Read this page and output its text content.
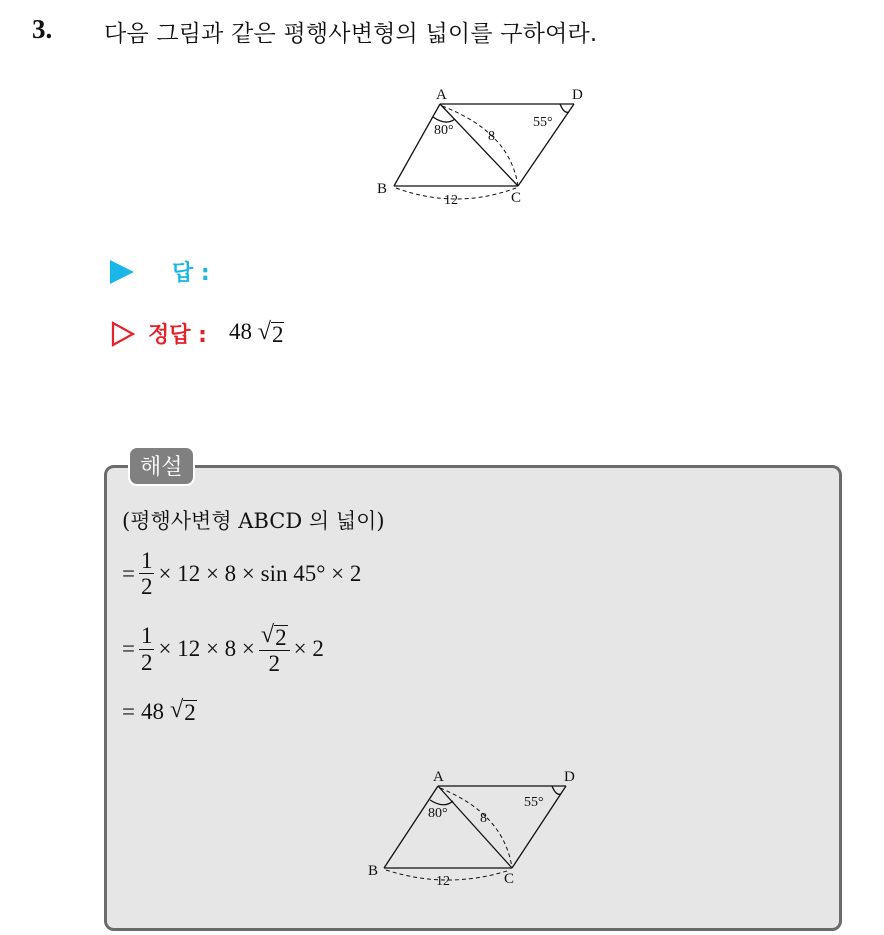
3. 다음 그림과 같은 평행사변형의 넓이를 구하여라.
A
B
C
D
80°
55°
8
12
답 :
정답 : 48 √ 2
해설
(평행사변형 ABCD 의 넓이)
= $\frac{1}{2} \times 12 \times 8 \times \sin 45^\circ \times 2$
= $\frac{1}{2} \times 12 \times 8 \times \frac{√ 2}{2} \times 2$
= 48 √ 2
A
B	C
D
80°
55°
8
12
